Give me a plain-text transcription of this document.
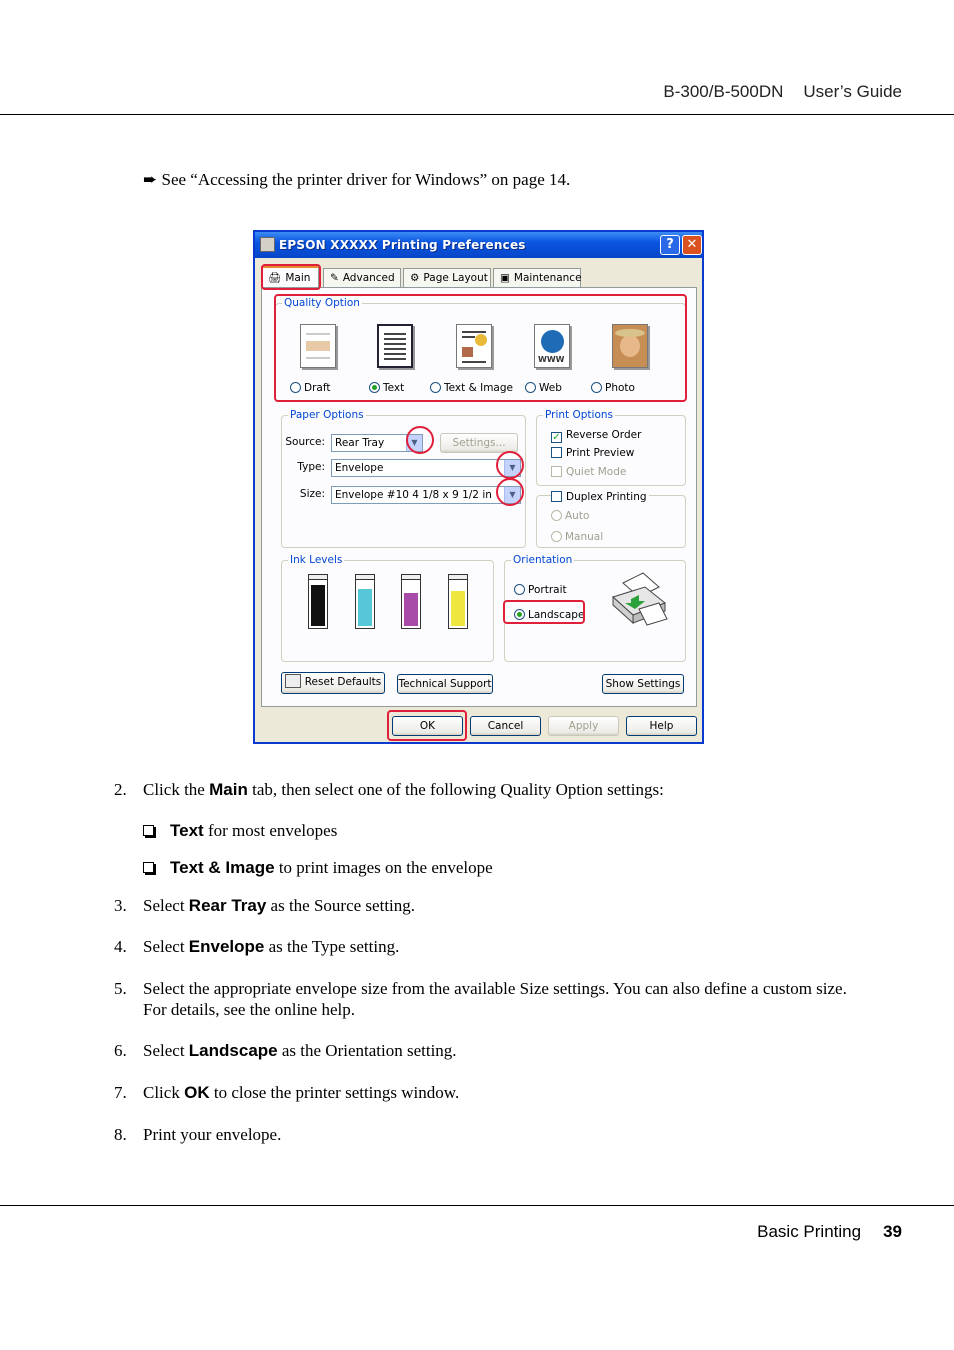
B-300/B-500DN User’s Guide
➨ See “Accessing the printer driver for Windows” on page 14.
EPSON XXXXX Printing Preferences	? ✕
🖨 Main	✎ Advanced	⚙ Page Layout	▣ Maintenance
Quality Option
WWW
Draft	Text	Text & Image	Web	Photo
Paper Options
Source: Rear Tray	▼	Settings...
Type: Envelope	▼
Size: Envelope #10 4 1/8 x 9 1/2 in	▼
Print Options
✓ Reverse Order
Print Preview
Quiet Mode
Duplex Printing
Auto
Manual
Ink Levels	Orientation
Portrait
Landscape
Reset Defaults	Technical Support	Show Settings
OK	Cancel	Apply	Help
2. Click the Main tab, then select one of the following Quality Option settings:
Text for most envelopes
Text & Image to print images on the envelope
3. Select Rear Tray as the Source setting.
4. Select Envelope as the Type setting.
5. Select the appropriate envelope size from the available Size settings. You can also define a custom size. For details, see the online help.
6. Select Landscape as the Orientation setting.
7. Click OK to close the printer settings window.
8. Print your envelope.
Basic Printing 39
